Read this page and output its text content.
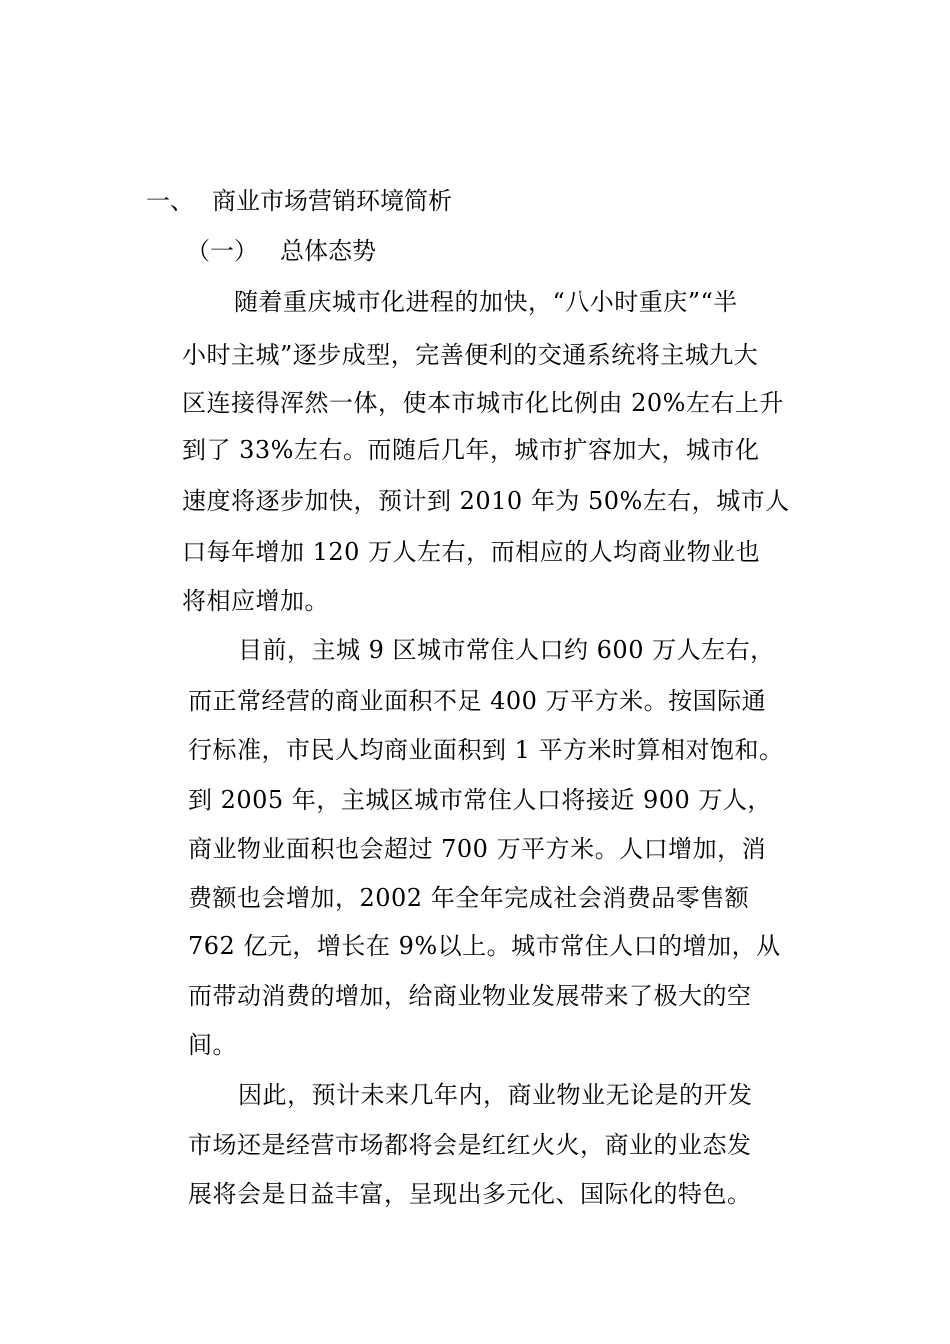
一、 商业市场营销环境简析
（一） 总体态势
随着重庆城市化进程的加快，“八小时重庆”“半
小时主城”逐步成型，完善便利的交通系统将主城九大
区连接得浑然一体，使本市城市化比例由 20%左右上升
到了 33%左右。而随后几年，城市扩容加大，城市化
速度将逐步加快，预计到 2010 年为 50%左右，城市人
口每年增加 120 万人左右，而相应的人均商业物业也
将相应增加。
目前，主城 9 区城市常住人口约 600 万人左右，
而正常经营的商业面积不足 400 万平方米。按国际通
行标准，市民人均商业面积到 1 平方米时算相对饱和。
到 2005 年，主城区城市常住人口将接近 900 万人，
商业物业面积也会超过 700 万平方米。人口增加，消
费额也会增加，2002 年全年完成社会消费品零售额
762 亿元，增长在 9%以上。城市常住人口的增加，从
而带动消费的增加，给商业物业发展带来了极大的空
间。
因此，预计未来几年内，商业物业无论是的开发
市场还是经营市场都将会是红红火火，商业的业态发
展将会是日益丰富，呈现出多元化、国际化的特色。
